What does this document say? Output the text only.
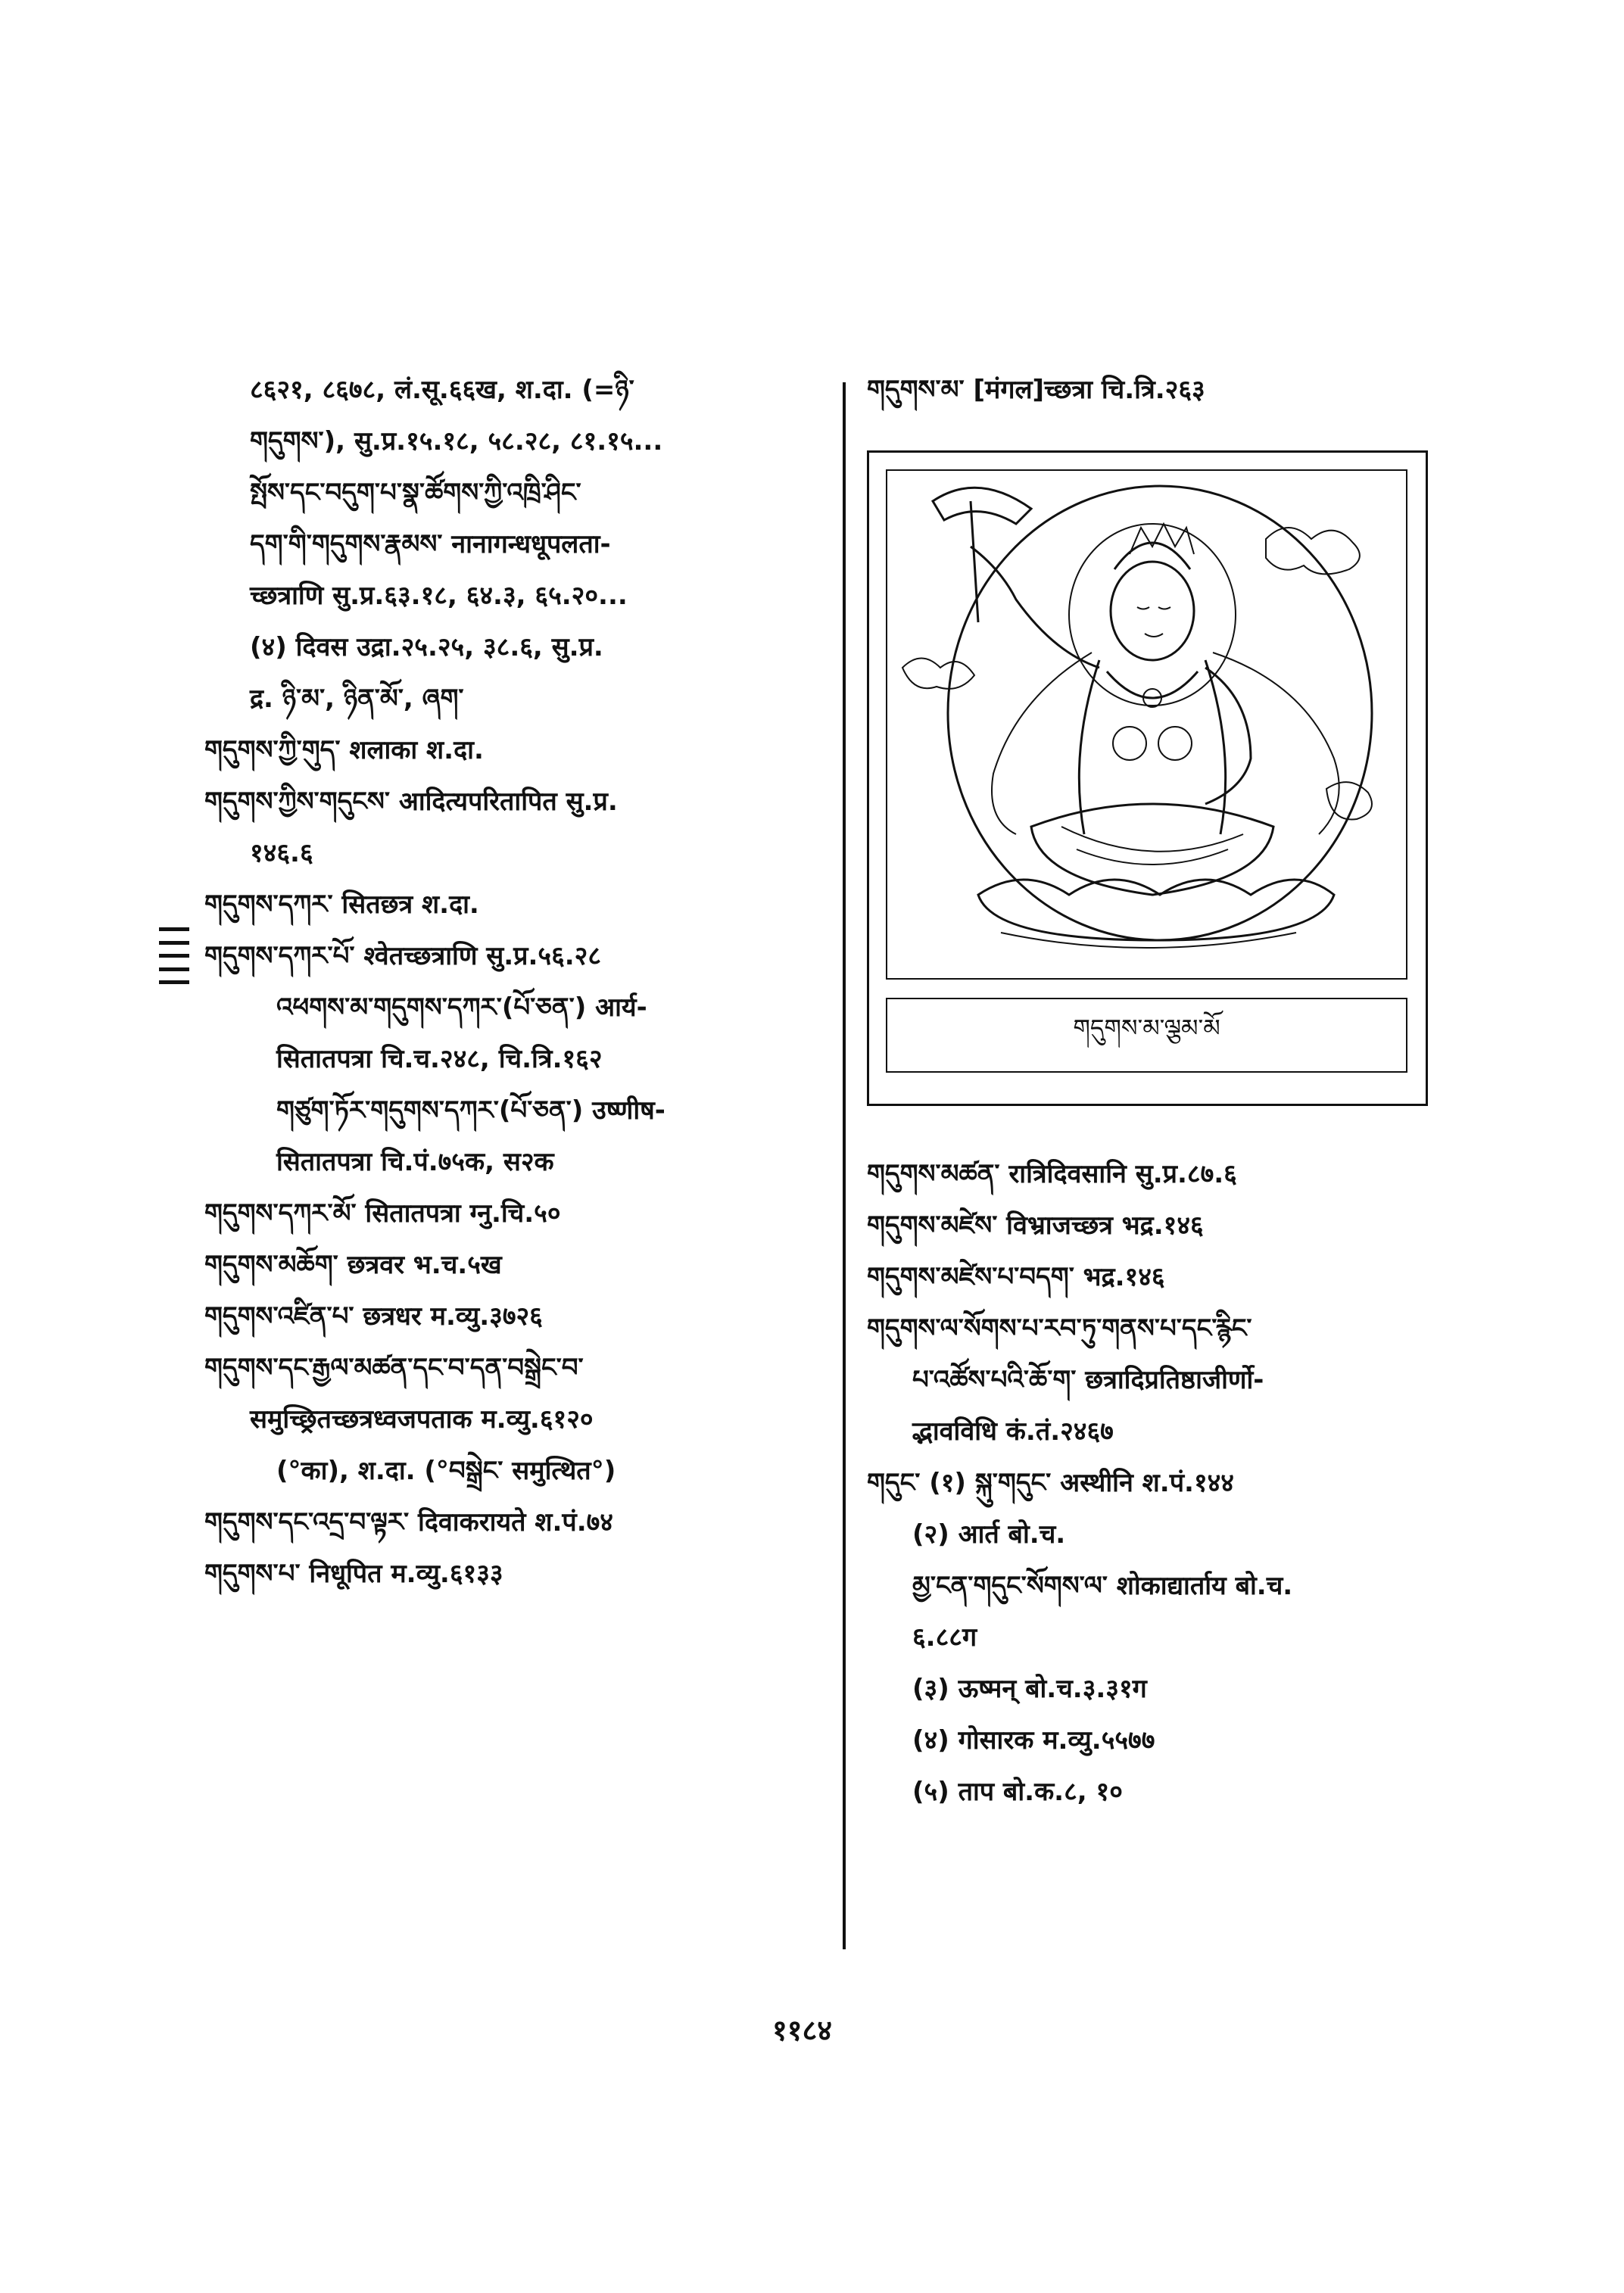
८६२१, ८६७८, लं.सू.६६ख, श.दा. (=ཉི་
གདུགས་), सु.प्र.१५.१८, ५८.२८, ८१.१५...
སྤོས་དང་བདུག་པ་སྣ་ཚོགས་ཀྱི་འཁྲི་ཤིང་
དག་གི་གདུགས་རྣམས་ नानागन्धधूपलता-
च्छत्राणि सु.प्र.६३.१८, ६४.३, ६५.२०...
(४) दिवस उद्रा.२५.२५, ३८.६, सु.प्र.
द्र. ཉི་མ་, ཉིན་མོ་, ཞག་
གདུགས་ཀྱི་གུད་ शलाका श.दा.
གདུགས་ཀྱིས་གདུངས་ आदित्यपरितापित सु.प्र.
१४६.६
གདུགས་དཀར་ सितछत्र श.दा.
གདུགས་དཀར་པོ་ श्वेतच्छत्राणि सु.प्र.५६.२८
འཕགས་མ་གདུགས་དཀར་(པོ་ཅན་) आर्य-
सितातपत्रा चि.च.२४८, चि.त्रि.१६२
གཙུག་ཏོར་གདུགས་དཀར་(པོ་ཅན་) उष्णीष-
सितातपत्रा चि.पं.७५क, स२क
གདུགས་དཀར་མོ་ सितातपत्रा ग्नु.चि.५०
གདུགས་མཆོག་ छत्रवर भ.च.५ख
གདུགས་འཛིན་པ་ छत्रधर म.व्यु.३७२६
གདུགས་དང་རྒྱལ་མཚན་དང་བ་དན་བསྒྲེང་བ་
समुच्छ्रितच्छत्रध्वजपताक म.व्यु.६१२०
(°का), श.दा. (°བསྒྲེང་ समुत्थित°)
གདུགས་དང་འདྲ་བ་ལྟར་ दिवाकरायते श.पं.७४
གདུགས་པ་ निधूपित म.व्यु.६१३३
གདུགས་མ་ [मंगल]च्छत्रा चि.त्रि.२६३
གདུགས་མ་ལྕམ་མོ
གདུགས་མཚན་ रात्रिदिवसानि सु.प्र.८७.६
གདུགས་མཛེས་ विभ्राजच्छत्र भद्र.१४६
གདུགས་མཛེས་པ་བདག་ भद्र.१४६
གདུགས་ལ་སོགས་པ་རབ་ཏུ་གནས་པ་དང་རྙིང་
པ་འཚོས་པའི་ཆོ་ག་ छत्रादिप्रतिष्ठाजीर्णो-
द्भावविधि कं.तं.२४६७
གདུང་ (१) སྐུ་གདུང་ अस्थीनि श.पं.१४४
(२) आर्त बो.च.
མྱ་ངན་གདུང་སོགས་ལ་ शोकाद्यार्ताय बो.च.
६.८८ग
(३) ऊष्मन् बो.च.३.३१ग
(४) गोसारक म.व्यु.५५७७
(५) ताप बो.क.८, १०
११८४
